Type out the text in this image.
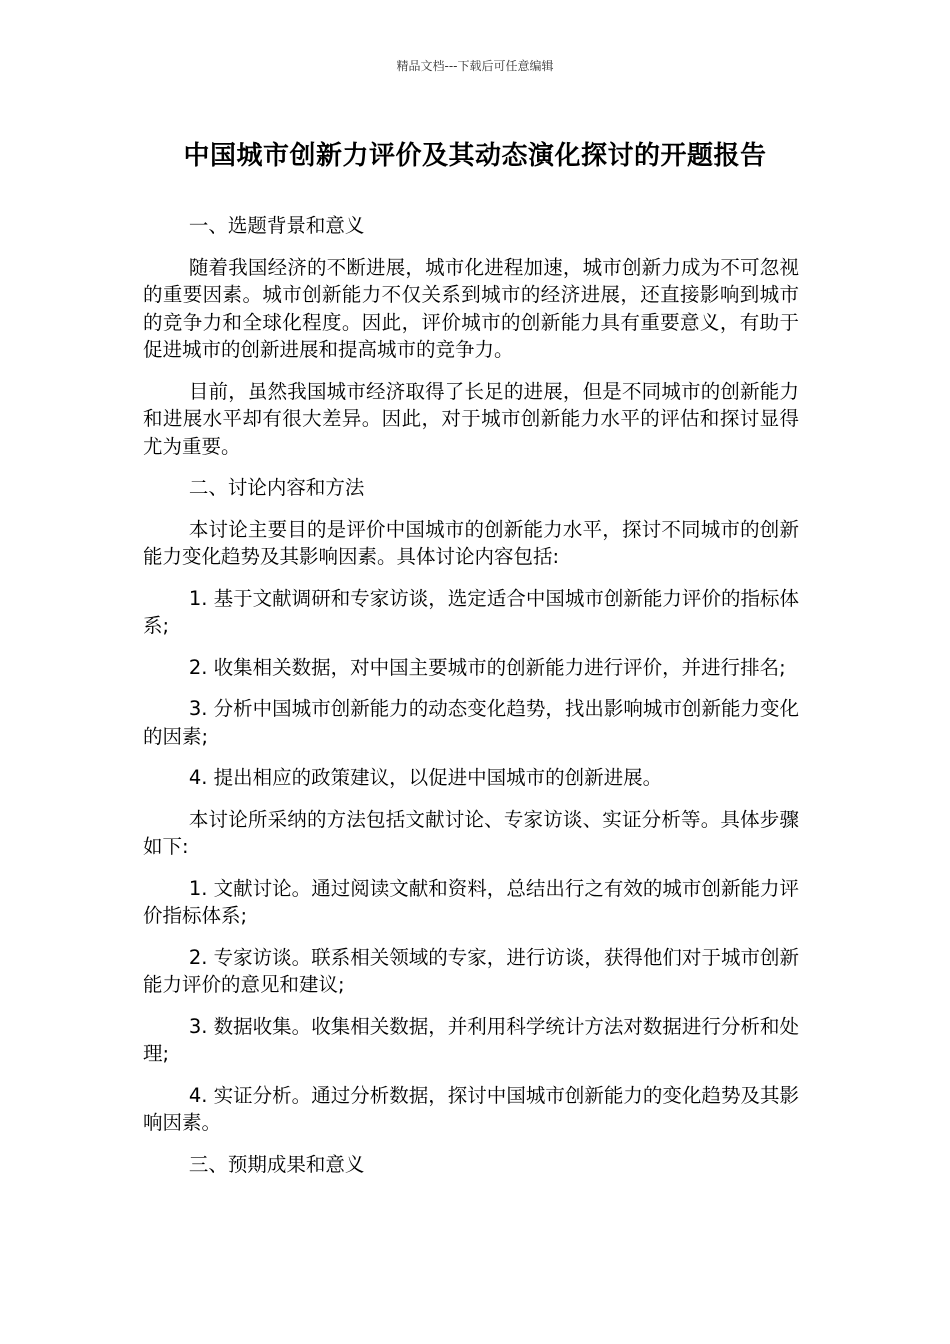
精品文档---下载后可任意编辑
中国城市创新力评价及其动态演化探讨的开题报告

一、选题背景和意义

随着我国经济的不断进展，城市化进程加速，城市创新力成为不可忽视的重要因素。城市创新能力不仅关系到城市的经济进展，还直接影响到城市的竞争力和全球化程度。因此，评价城市的创新能力具有重要意义，有助于促进城市的创新进展和提高城市的竞争力。

目前，虽然我国城市经济取得了长足的进展，但是不同城市的创新能力和进展水平却有很大差异。因此，对于城市创新能力水平的评估和探讨显得尤为重要。

二、讨论内容和方法

本讨论主要目的是评价中国城市的创新能力水平，探讨不同城市的创新能力变化趋势及其影响因素。具体讨论内容包括:

1. 基于文献调研和专家访谈，选定适合中国城市创新能力评价的指标体系;

2. 收集相关数据，对中国主要城市的创新能力进行评价，并进行排名;

3. 分析中国城市创新能力的动态变化趋势，找出影响城市创新能力变化的因素;

4. 提出相应的政策建议，以促进中国城市的创新进展。

本讨论所采纳的方法包括文献讨论、专家访谈、实证分析等。具体步骤如下:

1. 文献讨论。通过阅读文献和资料，总结出行之有效的城市创新能力评价指标体系;

2. 专家访谈。联系相关领域的专家，进行访谈，获得他们对于城市创新能力评价的意见和建议;

3. 数据收集。收集相关数据，并利用科学统计方法对数据进行分析和处理;

4. 实证分析。通过分析数据，探讨中国城市创新能力的变化趋势及其影响因素。

三、预期成果和意义
